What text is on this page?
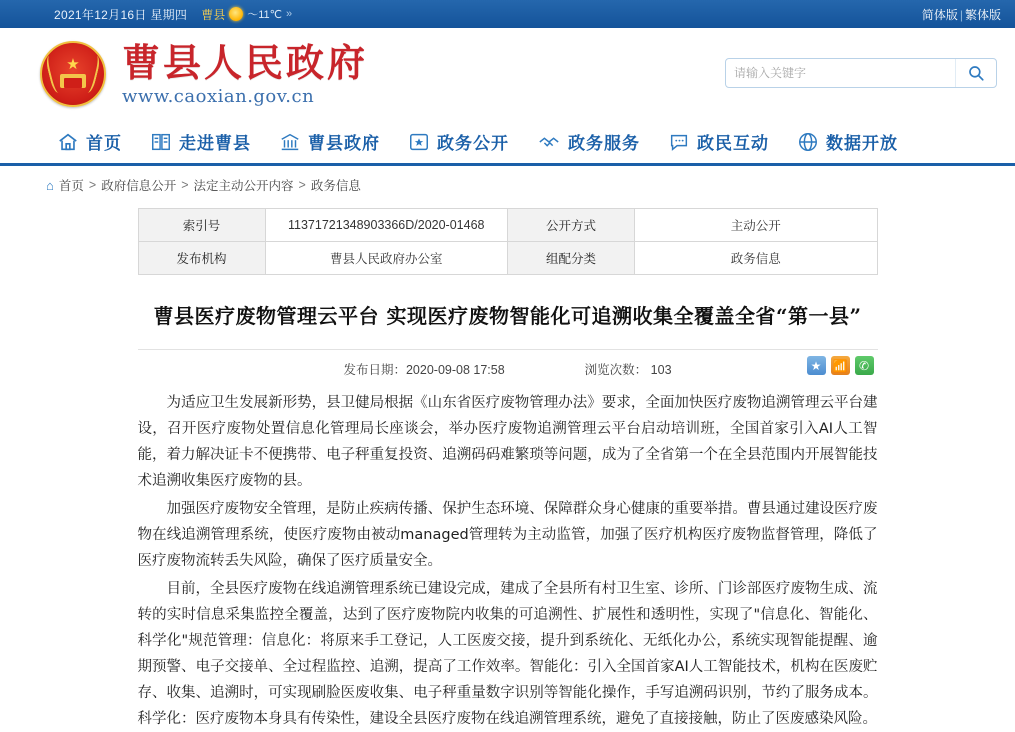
2021年12月16日 星期四 曹县 ～11℃ »	简体版 | 繁体版
★ 曹县人民政府
www.caoxian.gov.cn
请输入关键字
首页	走进曹县	曹县政府	政务公开	政务服务	政民互动	数据开放
⌂ 首页 > 政府信息公开 > 法定主动公开内容 > 政务信息
索引号	11371721348903366D/2020-01468	公开方式	主动公开
发布机构	曹县人民政府办公室	组配分类	政务信息
曹县医疗废物管理云平台 实现医疗废物智能化可追溯收集全覆盖全省“第一县”
发布日期：2020-09-08 17:58	浏览次数： 103	★ 📶 ✆

为适应卫生发展新形势，县卫健局根据《山东省医疗废物管理办法》要求，全面加快医疗废物追溯管理云平台建设，召开医疗废物处置信息化管理局长座谈会，举办医疗废物追溯管理云平台启动培训班，全国首家引入AI人工智能，着力解决证卡不便携带、电子秤重复投资、追溯码码难繁琐等问题，成为了全省第一个在全县范围内开展智能技术追溯收集医疗废物的县。

加强医疗废物安全管理，是防止疾病传播、保护生态环境、保障群众身心健康的重要举措。曹县通过建设医疗废物在线追溯管理系统，使医疗废物由被动managed管理转为主动监管，加强了医疗机构医疗废物监督管理，降低了医疗废物流转丢失风险，确保了医疗质量安全。

目前，全县医疗废物在线追溯管理系统已建设完成，建成了全县所有村卫生室、诊所、门诊部医疗废物生成、流转的实时信息采集监控全覆盖，达到了医疗废物院内收集的可追溯性、扩展性和透明性，实现了"信息化、智能化、科学化"规范管理：信息化：将原来手工登记，人工医废交接，提升到系统化、无纸化办公，系统实现智能提醒、逾期预警、电子交接单、全过程监控、追溯，提高了工作效率。智能化：引入全国首家AI人工智能技术，机构在医废贮存、收集、追溯时，可实现刷脸医废收集、电子秤重量数字识别等智能化操作，手写追溯码识别，节约了服务成本。科学化：医疗废物本身具有传染性，建设全县医疗废物在线追溯管理系统，避免了直接接触，防止了医废感染风险。
